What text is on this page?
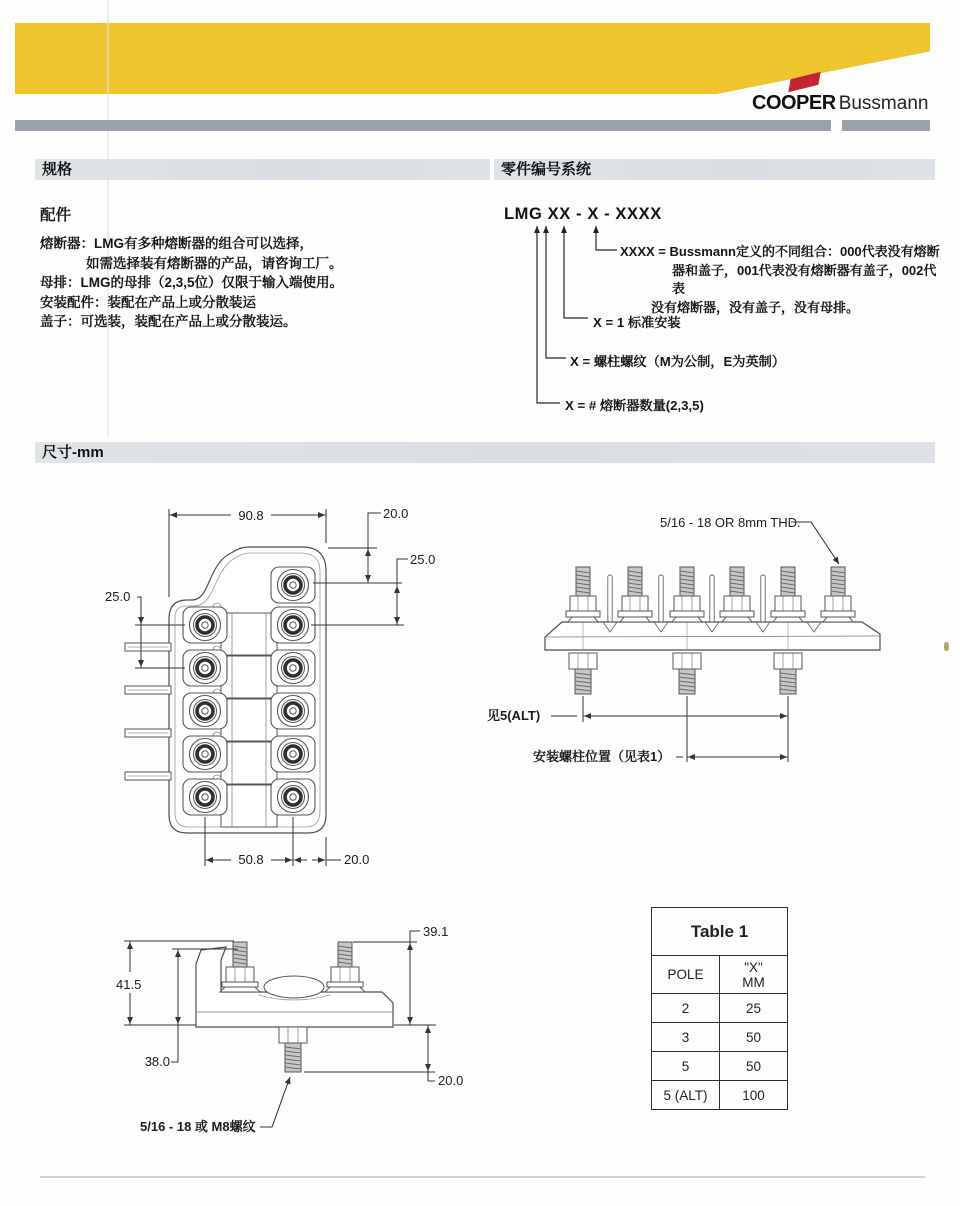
COOPER Bussmann
规格	零件编号系统
配件
熔断器：LMG有多种熔断器的组合可以选择，
如需选择装有熔断器的产品，请咨询工厂。
母排：LMG的母排（2,3,5位）仅限于输入端使用。
安装配件：装配在产品上或分散装运
盖子：可选装，装配在产品上或分散装运。
LMG XX - X - XXXX
XXXX = Bussmann定义的不同组合：000代表没有熔断
器和盖子，001代表没有熔断器有盖子，002代表
没有熔断器，没有盖子，没有母排。
X = 1 标准安装
X = 螺柱螺纹（M为公制，E为英制）
X = # 熔断器数量(2,3,5)
尺寸-mm
90.8	20.0
25.0
25.0
50.8	20.0
5/16 - 18 OR 8mm THD.
见5(ALT)
安装螺柱位置（见表1）
41.5
38.0
39.1
20.0
5/16 - 18 或 M8螺纹
Table 1	
POLE	"X"
MM
2	25
3	50
5	50
5 (ALT)	100
